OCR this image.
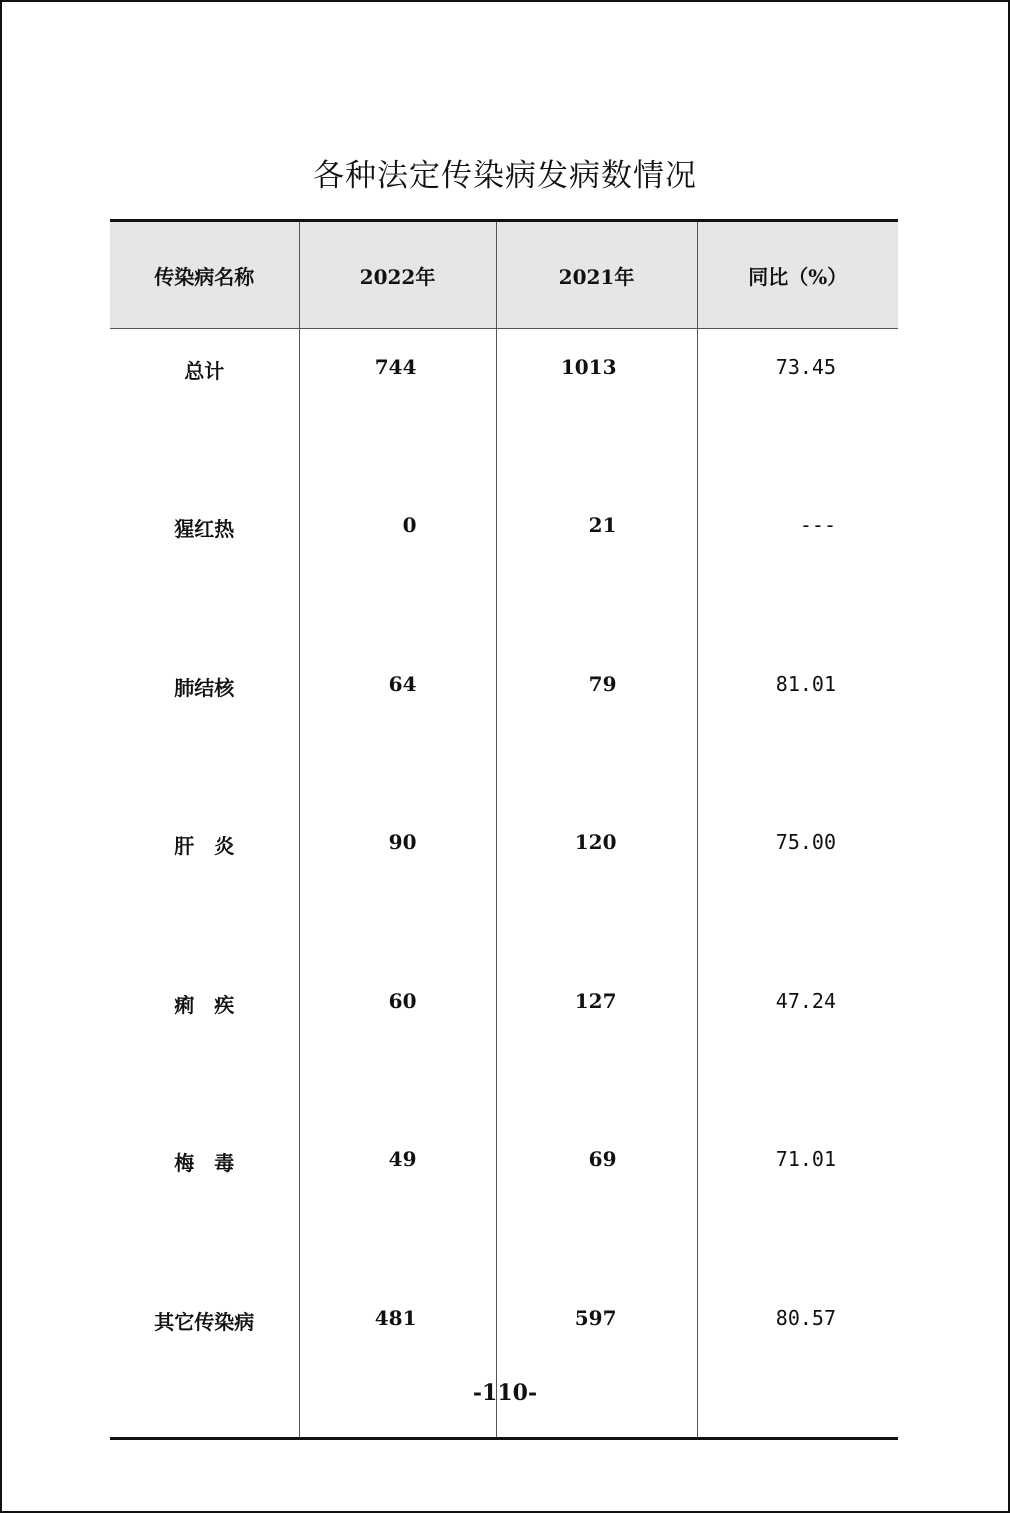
各种法定传染病发病数情况
传染病名称	2022年	2021年	同比（%）
总计	744	1013	73.45
猩红热	0	21	---
肺结核	64	79	81.01
肝　炎	90	120	75.00
痢　疾	60	127	47.24
梅　毒	49	69	71.01
其它传染病	481	597	80.57
-110-
